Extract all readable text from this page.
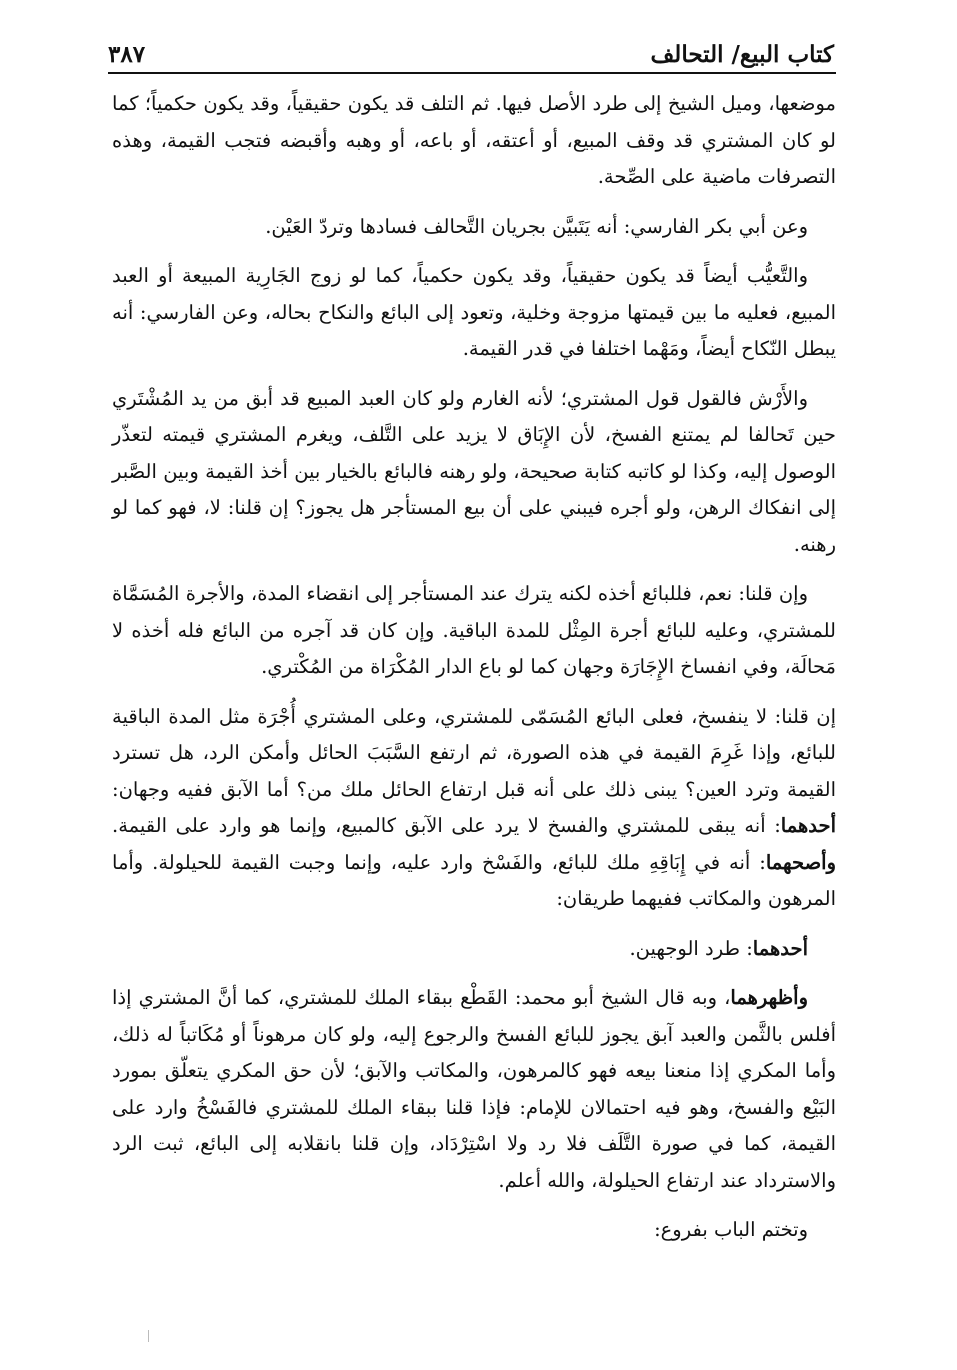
كتاب البيع/ التحالف
٣٨٧

موضعها، وميل الشيخ إلى طرد الأصل فيها. ثم التلف قد يكون حقيقياً، وقد يكون حكمياً؛ كما لو كان المشتري قد وقف المبيع، أو أعتقه، أو باعه، أو وهبه وأقبضه فتجب القيمة، وهذه التصرفات ماضية على الصِّحة.

وعن أبي بكر الفارسي: أنه يَتَبيَّن بجريان التَّحالف فسادها وتردّ العَيْن.

والتَّعيُّب أيضاً قد يكون حقيقياً، وقد يكون حكمياً، كما لو زوج الجَارِية المبيعة أو العبد المبيع، فعليه ما بين قيمتها مزوجة وخلية، وتعود إلى البائع والنكاح بحاله، وعن الفارسي: أنه يبطل النّكاح أيضاً، ومَهْما اختلفا في قدر القيمة.

والأَرْش فالقول قول المشتري؛ لأنه الغارم ولو كان العبد المبيع قد أبق من يد المُشْتَري حين تَحالفا لم يمتنع الفسخ، لأن الإِبَاق لا يزيد على التَّلف، ويغرم المشتري قيمته لتعذّر الوصول إليه، وكذا لو كاتبه كتابة صحيحة، ولو رهنه فالبائع بالخيار بين أخذ القيمة وبين الصَّبر إلى انفكاك الرهن، ولو أجره فيبني على أن بيع المستأجر هل يجوز؟ إن قلنا: لا، فهو كما لو رهنه.

وإن قلنا: نعم، فللبائع أخذه لكنه يترك عند المستأجر إلى انقضاء المدة، والأجرة المُسَمَّاة للمشتري، وعليه للبائع أجرة المِثْل للمدة الباقية. وإن كان قد آجره من البائع فله أخذه لا مَحالَة، وفي انفساخ الإِجَارَة وجهان كما لو باع الدار المُكْرَاة من المُكْتري.

إن قلنا: لا ينفسخ، فعلى البائع المُسَمّى للمشتري، وعلى المشتري أُجْرَة مثل المدة الباقية للبائع، وإذا غَرِمَ القيمة في هذه الصورة، ثم ارتفع السَّبَبَ الحائل وأمكن الرد، هل تسترد القيمة وترد العين؟ يبنى ذلك على أنه قبل ارتفاع الحائل ملك من؟ أما الآبق ففيه وجهان: أحدهما: أنه يبقى للمشتري والفسخ لا يرد على الآبق كالمبيع، وإنما هو وارد على القيمة. وأصحهما: أنه في إِبَاقِهِ ملك للبائع، والفَسْخ وارد عليه، وإنما وجبت القيمة للحيلولة. وأما المرهون والمكاتب ففيهما طريقان:

أحدهما: طرد الوجهين.

وأظهرهما، وبه قال الشيخ أبو محمد: القَطْع ببقاء الملك للمشتري، كما أنَّ المشتري إذا أفلس بالثَّمن والعبد آبق يجوز للبائع الفسخ والرجوع إليه، ولو كان مرهوناً أو مُكَاتباً له ذلك، وأما المكري إذا منعنا بيعه فهو كالمرهون، والمكاتب والآبق؛ لأن حق المكري يتعلّق بمورد البَيْع والفسخ، وهو فيه احتمالان للإمام: فإذا قلنا ببقاء الملك للمشتري فالفَسْخُ وارد على القيمة، كما في صورة التَّلَف فلا رد ولا اسْتِرْدَاد، وإن قلنا بانقلابه إلى البائع، ثبت الرد والاسترداد عند ارتفاع الحيلولة، والله أعلم.

وتختم الباب بفروع:
